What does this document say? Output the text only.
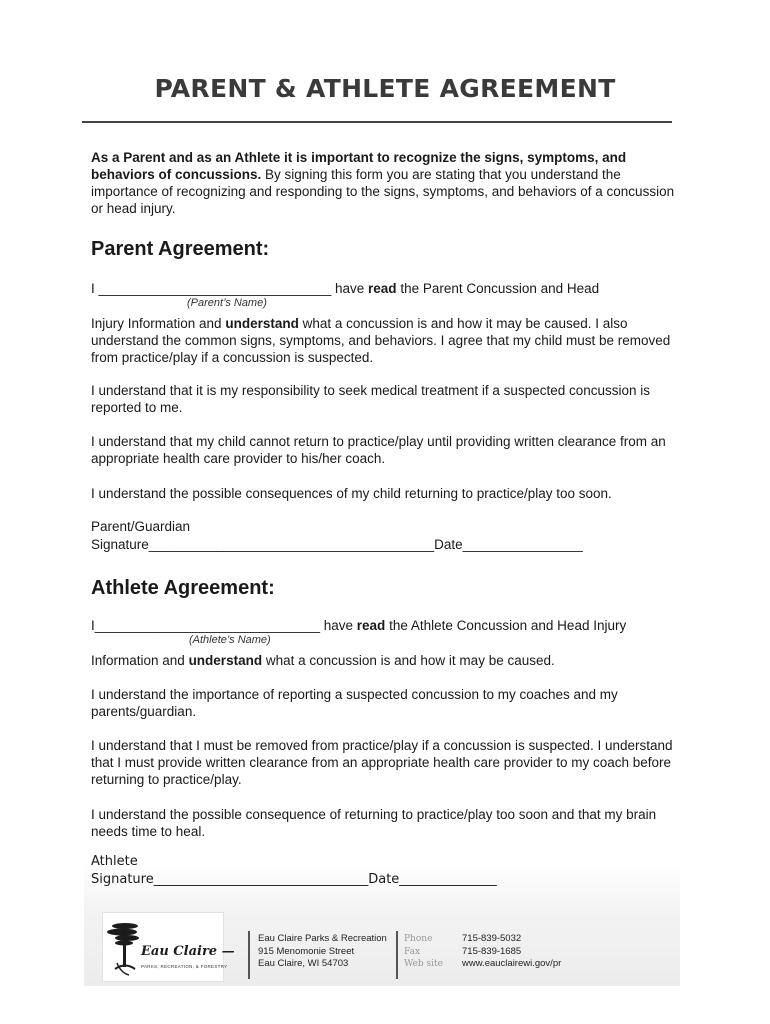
PARENT & ATHLETE AGREEMENT
As a Parent and as an Athlete it is important to recognize the signs, symptoms, and behaviors of concussions. By signing this form you are stating that you understand the importance of recognizing and responding to the signs, symptoms, and behaviors of a concussion or head injury.
Parent Agreement:
I _______________________________ have read the Parent Concussion and Head
(Parent’s Name)
Injury Information and understand what a concussion is and how it may be caused. I also understand the common signs, symptoms, and behaviors. I agree that my child must be removed from practice/play if a concussion is suspected.
I understand that it is my responsibility to seek medical treatment if a suspected concussion is reported to me.
I understand that my child cannot return to practice/play until providing written clearance from an appropriate health care provider to his/her coach.
I understand the possible consequences of my child returning to practice/play too soon.
Parent/Guardian
Signature______________________________________Date________________
Athlete Agreement:
I______________________________ have read the Athlete Concussion and Head Injury
(Athlete’s Name)
Information and understand what a concussion is and how it may be caused.
I understand the importance of reporting a suspected concussion to my coaches and my parents/guardian.
I understand that I must be removed from practice/play if a concussion is suspected. I understand that I must provide written clearance from an appropriate health care provider to my coach before returning to practice/play.
I understand the possible consequence of returning to practice/play too soon and that my brain needs time to heal.
Athlete
Signature_________________________________Date_______________
Eau Claire —
PARKS, RECREATION, & FORESTRY
Eau Claire Parks & Recreation
915 Menomonie Street
Eau Claire, WI 54703
Phone
Fax
Web site
715-839-5032
715-839-1685
www.eauclairewi.gov/pr
